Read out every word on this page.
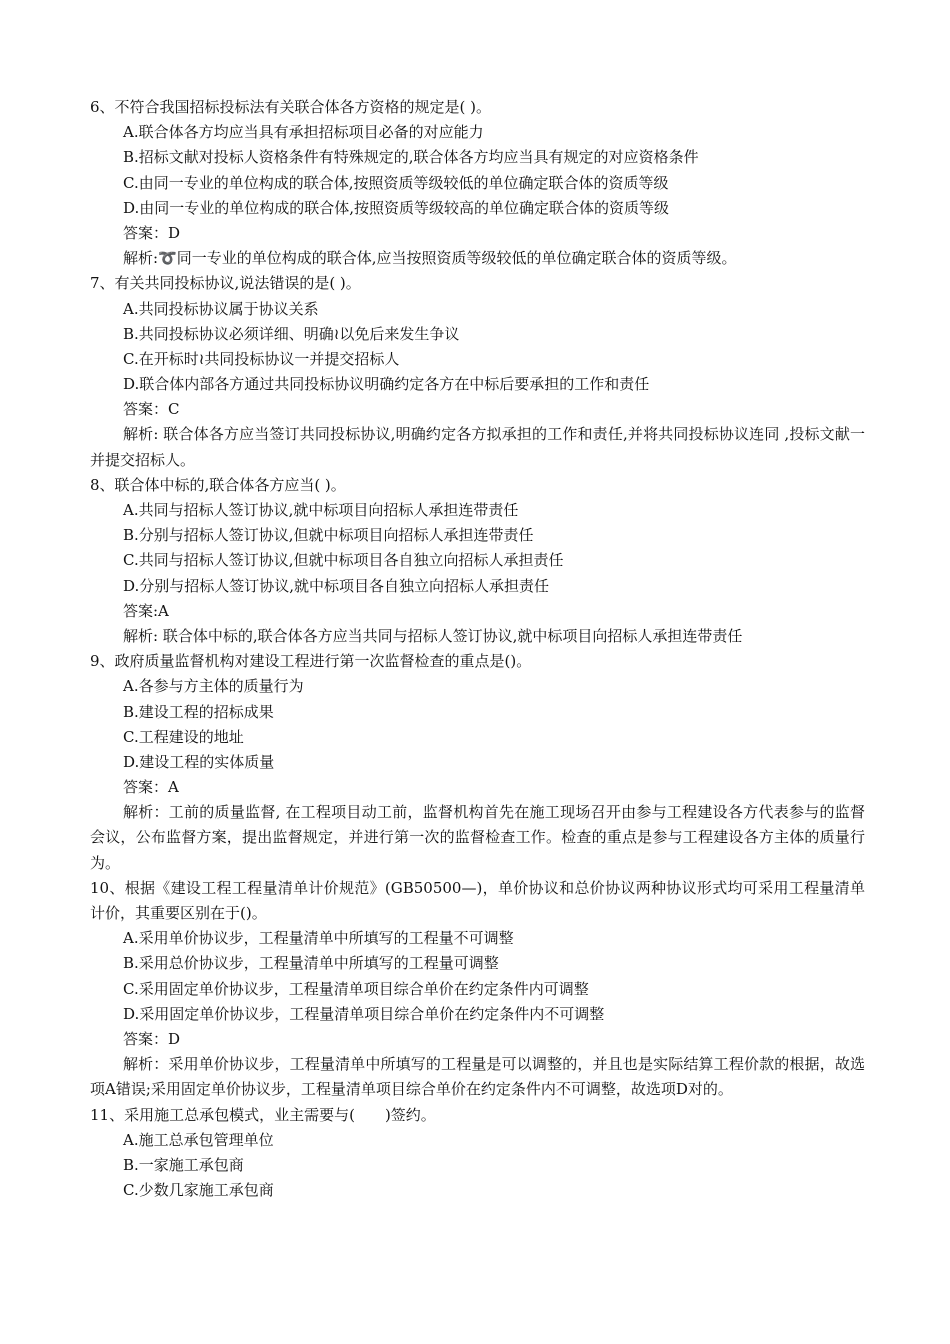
6、不符合我国招标投标法有关联合体各方资格的规定是( )。
A.联合体各方均应当具有承担招标项目必备的对应能力
B.招标文献对投标人资格条件有特殊规定的,联合体各方均应当具有规定的对应资格条件
C.由同一专业的单位构成的联合体,按照资质等级较低的单位确定联合体的资质等级
D.由同一专业的单位构成的联合体,按照资质等级较高的单位确定联合体的资质等级
答案：D
解析:➰同一专业的单位构成的联合体,应当按照资质等级较低的单位确定联合体的资质等级。
7、有关共同投标协议,说法错误的是( )。
A.共同投标协议属于协议关系
B.共同投标协议必须详细、明确≀以免后来发生争议
C.在开标时≀共同投标协议一并提交招标人
D.联合体内部各方通过共同投标协议明确约定各方在中标后要承担的工作和责任
答案：C
解析: 联合体各方应当签订共同投标协议,明确约定各方拟承担的工作和责任,并将共同投标协议连同 ,投标文献一并提交招标人。
8、联合体中标的,联合体各方应当( )。
A.共同与招标人签订协议,就中标项目向招标人承担连带责任
B.分别与招标人签订协议,但就中标项目向招标人承担连带责任
C.共同与招标人签订协议,但就中标项目各自独立向招标人承担责任
D.分别与招标人签订协议,就中标项目各自独立向招标人承担责任
答案:A
解析: 联合体中标的,联合体各方应当共同与招标人签订协议,就中标项目向招标人承担连带责任
9、政府质量监督机构对建设工程进行第一次监督检查的重点是()。
A.各参与方主体的质量行为
B.建设工程的招标成果
C.工程建设的地址
D.建设工程的实体质量
答案：A
解析：工前的质量监督, 在工程项目动工前，监督机构首先在施工现场召开由参与工程建设各方代表参与的监督会议，公布监督方案，提出监督规定，并进行第一次的监督检查工作。检查的重点是参与工程建设各方主体的质量行为。
10、根据《建设工程工程量清单计价规范》(GB50500—)，单价协议和总价协议两种协议形式均可采用工程量清单计价，其重要区别在于()。
A.采用单价协议步，工程量清单中所填写的工程量不可调整
B.采用总价协议步，工程量清单中所填写的工程量可调整
C.采用固定单价协议步，工程量清单项目综合单价在约定条件内可调整
D.采用固定单价协议步，工程量清单项目综合单价在约定条件内不可调整
答案：D
解析：采用单价协议步，工程量清单中所填写的工程量是可以调整的，并且也是实际结算工程价款的根据，故选项A错误;采用固定单价协议步，工程量清单项目综合单价在约定条件内不可调整，故选项D对的。
11、采用施工总承包模式，业主需要与(　　)签约。
A.施工总承包管理单位
B.一家施工承包商
C.少数几家施工承包商
